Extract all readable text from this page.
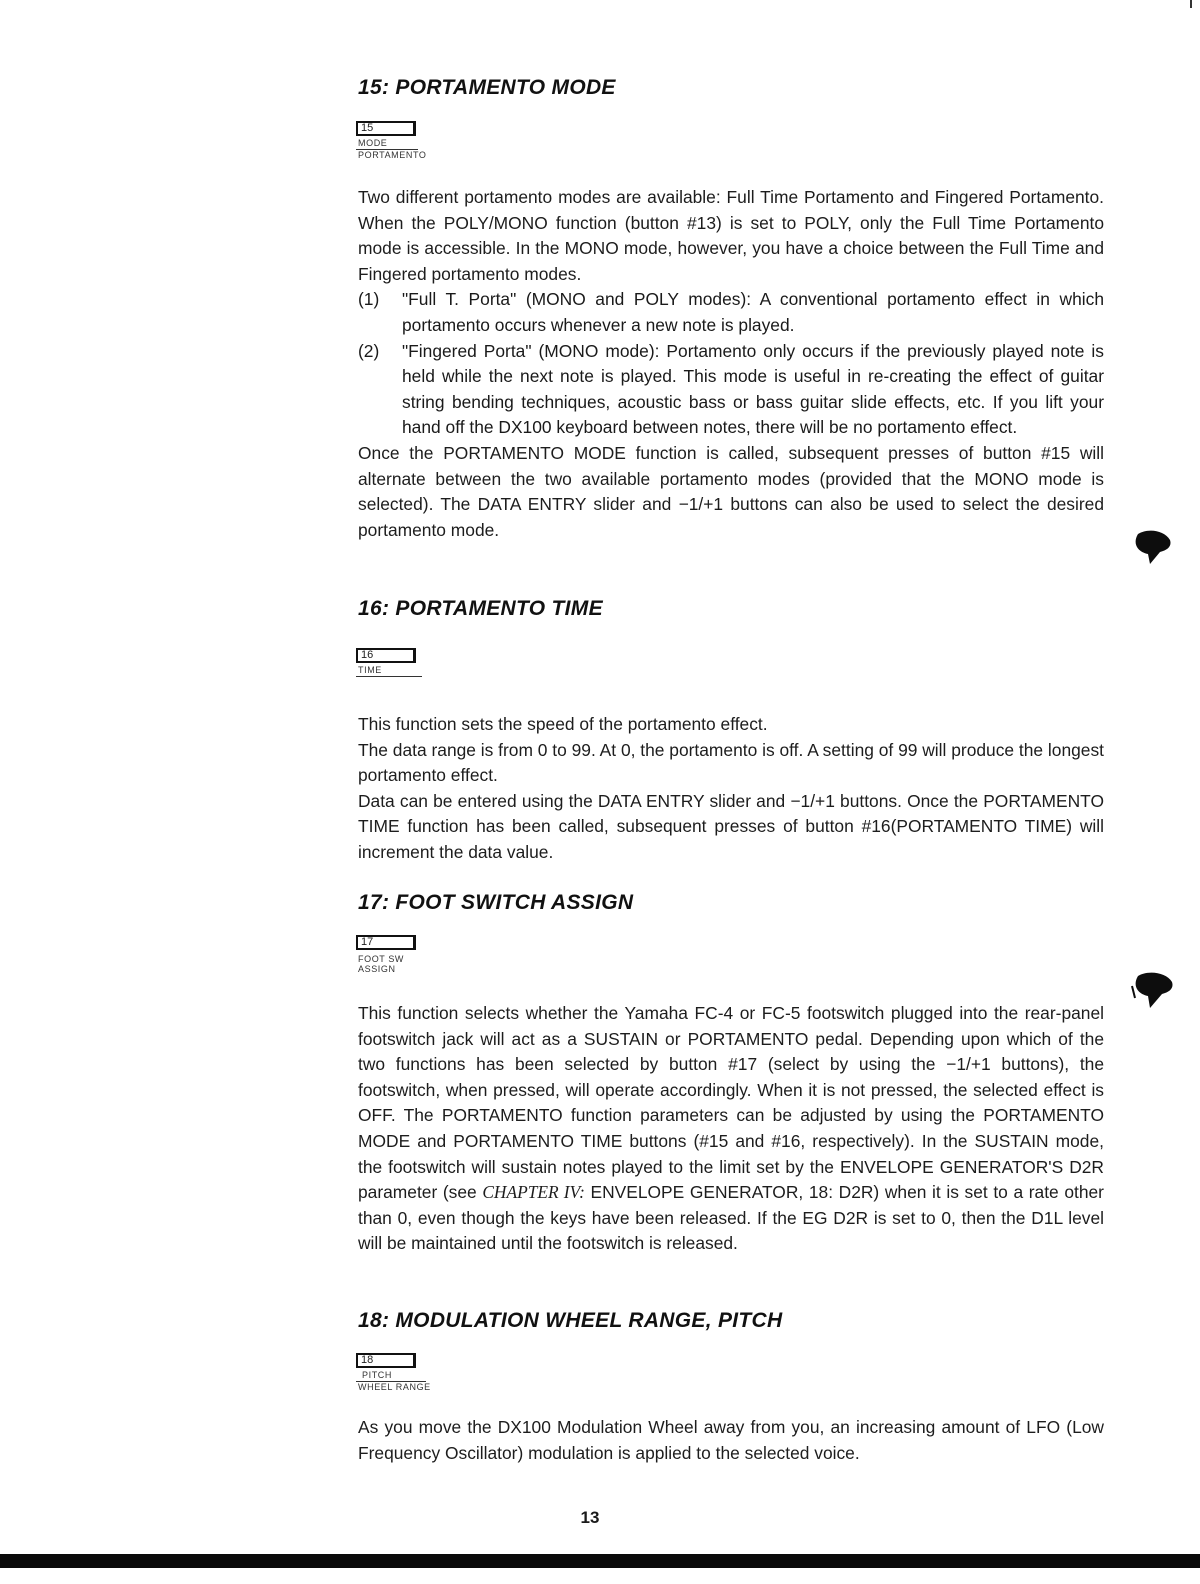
15: PORTAMENTO MODE
15
MODE
PORTAMENTO

Two different portamento modes are available: Full Time Portamento and Fingered Portamento. When the POLY/MONO function (button #13) is set to POLY, only the Full Time Portamento mode is accessible. In the MONO mode, however, you have a choice between the Full Time and Fingered portamento modes.

(1) "Full T. Porta" (MONO and POLY modes): A conventional portamento effect in which portamento occurs whenever a new note is played.
(2) "Fingered Porta" (MONO mode): Portamento only occurs if the previously played note is held while the next note is played. This mode is useful in re-creating the effect of guitar string bending techniques, acoustic bass or bass guitar slide effects, etc. If you lift your hand off the DX100 keyboard between notes, there will be no portamento effect.

Once the PORTAMENTO MODE function is called, subsequent presses of button #15 will alternate between the two available portamento modes (provided that the MONO mode is selected). The DATA ENTRY slider and −1/+1 buttons can also be used to select the desired portamento mode.

16: PORTAMENTO TIME
16
TIME

This function sets the speed of the portamento effect.

The data range is from 0 to 99. At 0, the portamento is off. A setting of 99 will produce the longest portamento effect.

Data can be entered using the DATA ENTRY slider and −1/+1 buttons. Once the PORTAMENTO TIME function has been called, subsequent presses of button #16(PORTAMENTO TIME) will increment the data value.

17: FOOT SWITCH ASSIGN
17
FOOT SW
ASSIGN

This function selects whether the Yamaha FC-4 or FC-5 footswitch plugged into the rear-panel footswitch jack will act as a SUSTAIN or PORTAMENTO pedal. Depending upon which of the two functions has been selected by button #17 (select by using the −1/+1 buttons), the footswitch, when pressed, will operate accordingly. When it is not pressed, the selected effect is OFF. The PORTAMENTO function parameters can be adjusted by using the PORTAMENTO MODE and PORTAMENTO TIME buttons (#15 and #16, respectively). In the SUSTAIN mode, the footswitch will sustain notes played to the limit set by the ENVELOPE GENERATOR'S D2R parameter (see CHAPTER IV: ENVELOPE GENERATOR, 18: D2R) when it is set to a rate other than 0, even though the keys have been released. If the EG D2R is set to 0, then the D1L level will be maintained until the footswitch is released.

18: MODULATION WHEEL RANGE, PITCH
18
PITCH
WHEEL RANGE

As you move the DX100 Modulation Wheel away from you, an increasing amount of LFO (Low Frequency Oscillator) modulation is applied to the selected voice.

13
